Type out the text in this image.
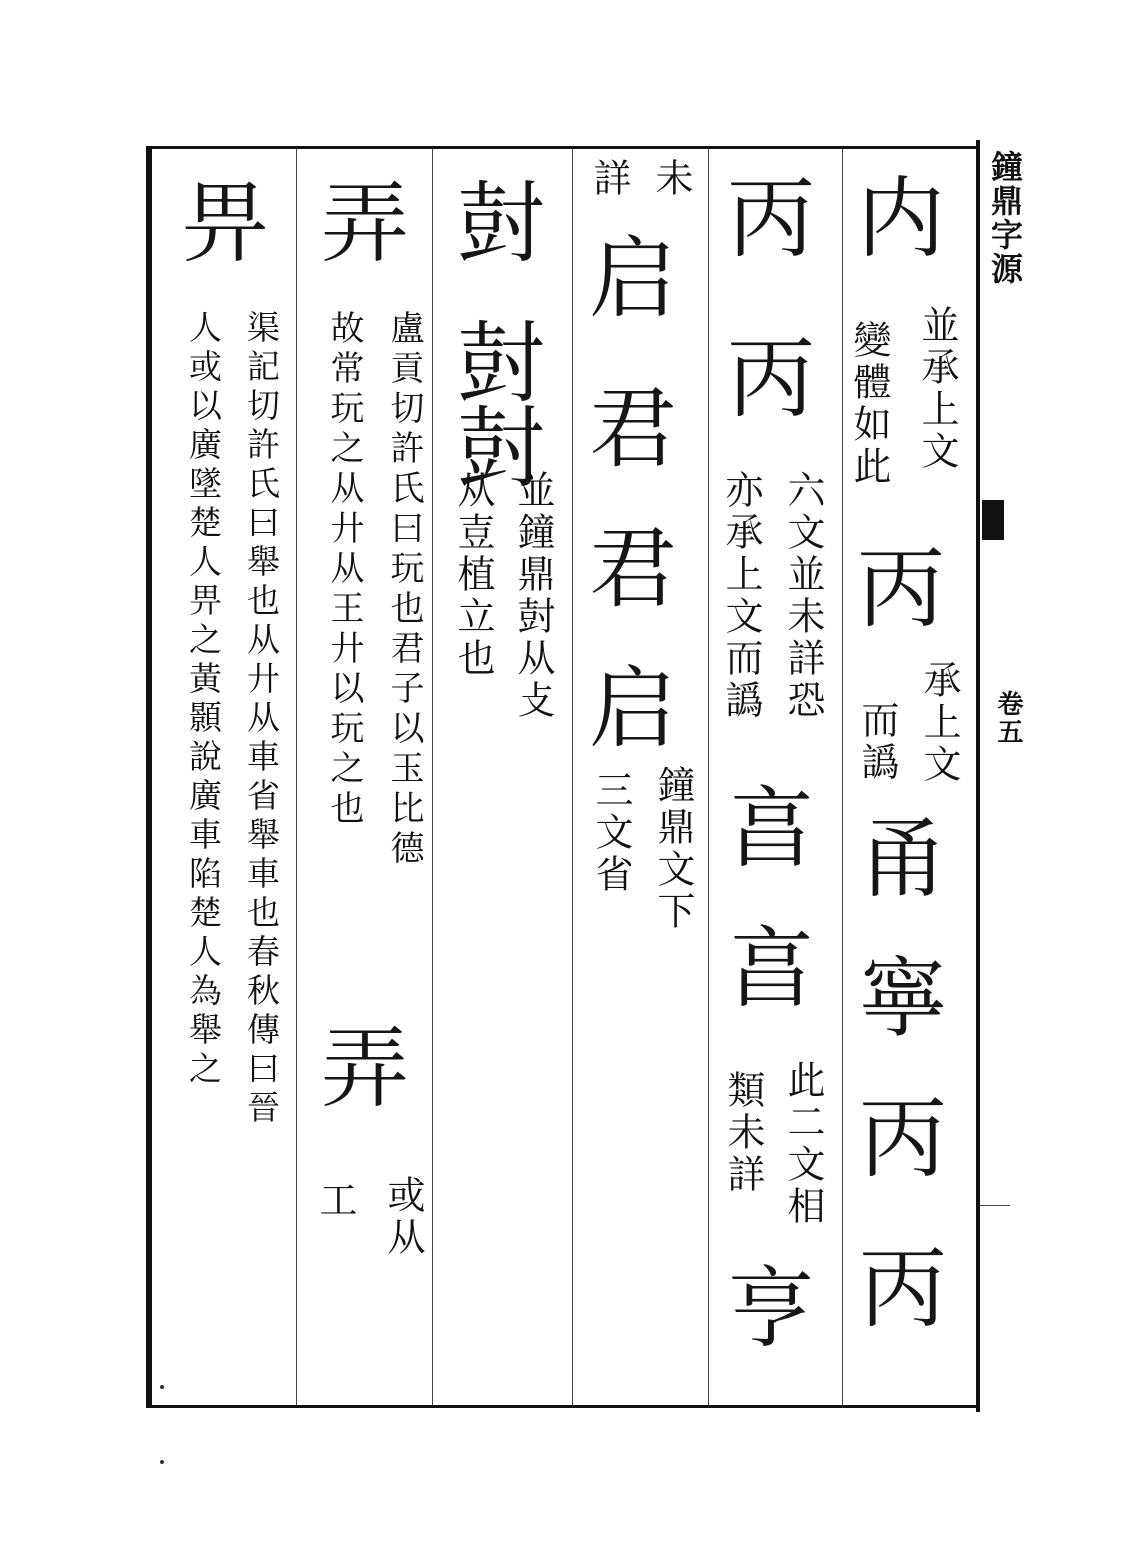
鐘鼎字源
卷五
内
並承上文
變體如此
丙
承上文
而譌
甬
寧
丙
丙
丙
丙
六文並未詳恐
亦承上文而譌
亯
亯
此二文相
類未詳
亨
未
詳
启
君
君
启
鐘鼎文下
三文省
尌
尌
尌
並鐘鼎尌从攴
从壴植立也
弄
盧貢切許氏曰玩也君子以玉比德
故常玩之从廾从王廾以玩之也
弄
或从
工
畀
渠記切許氏曰舉也从廾从車省舉車也春秋傳曰晉
人或以廣墜楚人畀之黃顥說廣車陷楚人為舉之
